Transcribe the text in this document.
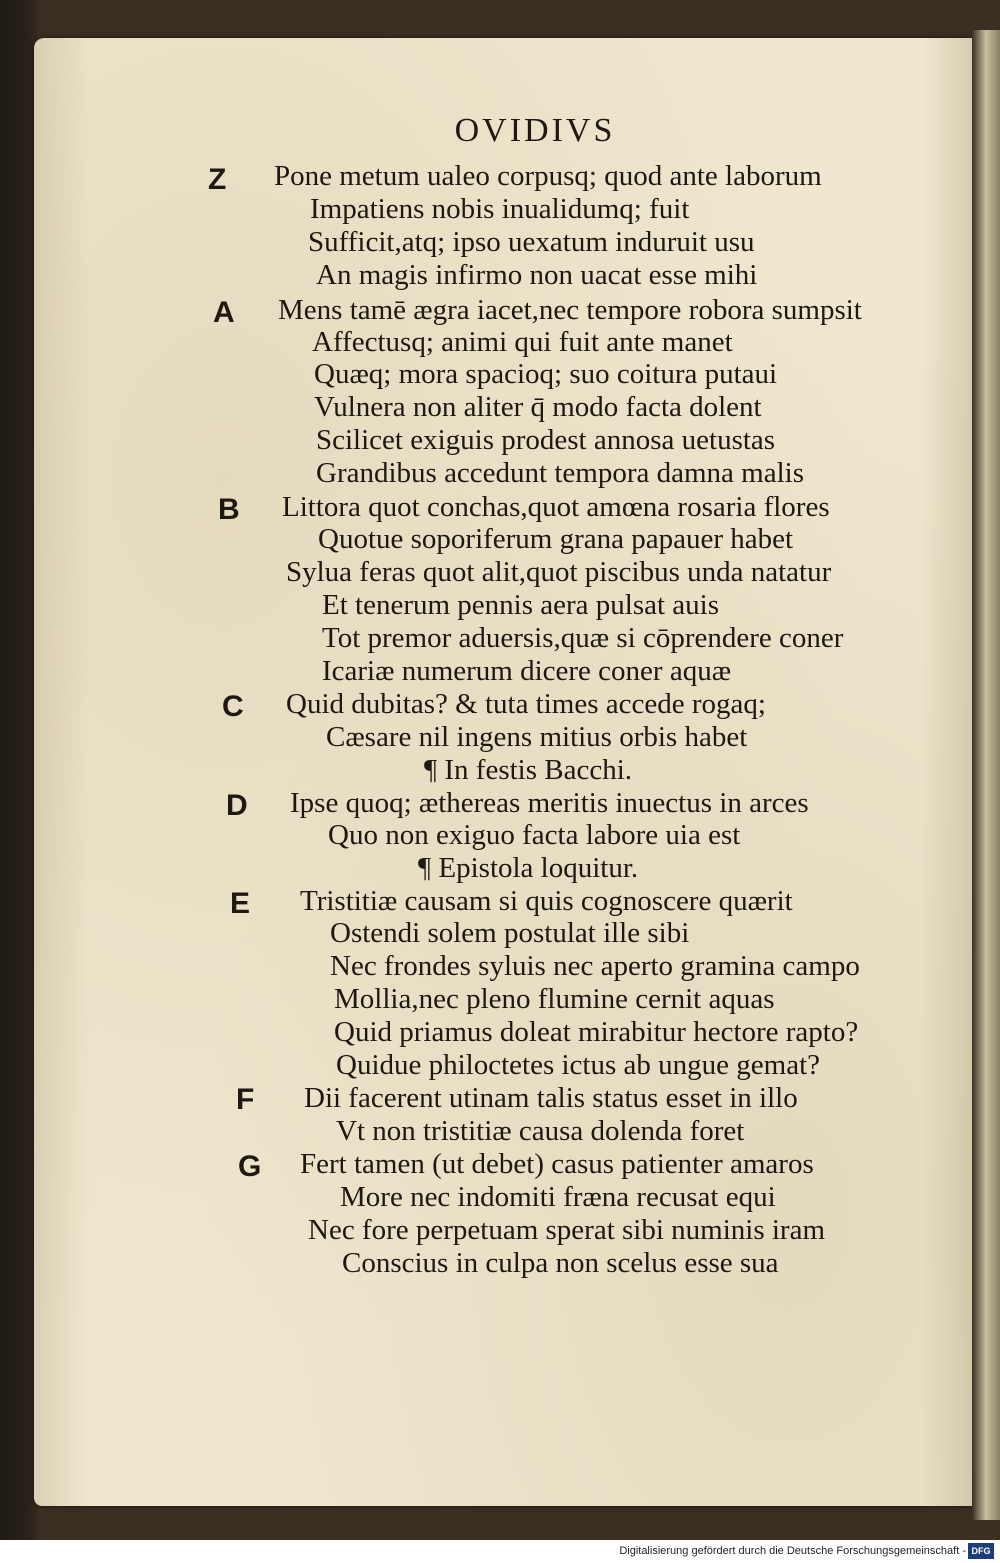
OVIDIVS
Z
A
B
C
D
E
F
G
Pone metum ualeo corpusq; quod ante laborum
Impatiens nobis inualidumq; fuit
Sufficit,atq; ipso uexatum induruit usu
An magis infirmo non uacat esse mihi
Mens tamē ægra iacet,nec tempore robora sumpsit
Affectusq; animi qui fuit ante manet
Quæq; mora spacioq; suo coitura putaui
Vulnera non aliter q̄ modo facta dolent
Scilicet exiguis prodest annosa uetustas
Grandibus accedunt tempora damna malis
Littora quot conchas,quot amœna rosaria flores
Quotue soporiferum grana papauer habet
Sylua feras quot alit,quot piscibus unda natatur
Et tenerum pennis aera pulsat auis
Tot premor aduersis,quæ si cōprendere coner
Icariæ numerum dicere coner aquæ
Quid dubitas? & tuta times accede rogaq;
Cæsare nil ingens mitius orbis habet
¶ In festis Bacchi.
Ipse quoq; æthereas meritis inuectus in arces
Quo non exiguo facta labore uia est
¶ Epistola loquitur.
Tristitiæ causam si quis cognoscere quærit
Ostendi solem postulat ille sibi
Nec frondes syluis nec aperto gramina campo
Mollia,nec pleno flumine cernit aquas
Quid priamus doleat mirabitur hectore rapto?
Quidue philoctetes ictus ab ungue gemat?
Dii facerent utinam talis status esset in illo
Vt non tristitiæ causa dolenda foret
Fert tamen (ut debet) casus patienter amaros
More nec indomiti fræna recusat equi
Nec fore perpetuam sperat sibi numinis iram
Conscius in culpa non scelus esse sua
Digitalisierung gefördert durch die Deutsche Forschungsgemeinschaft - DFG
